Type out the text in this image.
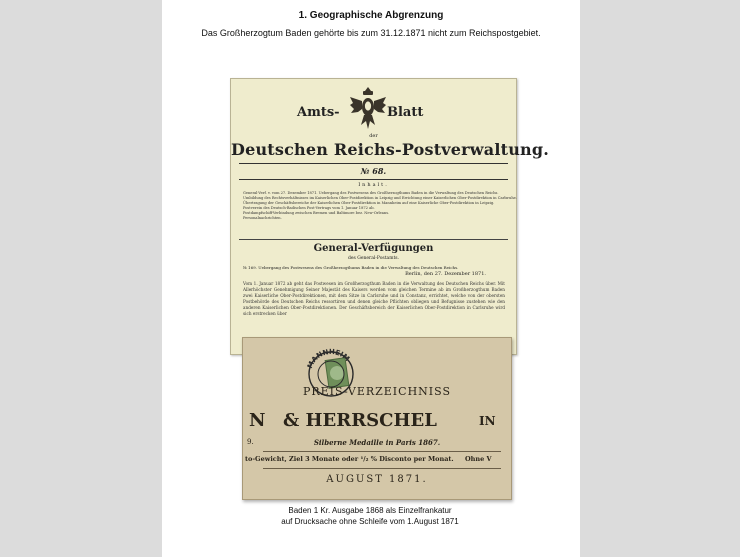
1. Geographische Abgrenzung
Das Großherzogtum Baden gehörte bis zum 31.12.1871 nicht zum Reichspostgebiet.
Amts-	Blatt
der
Deutschen Reichs-Postverwaltung.
№ 68.
Inhalt.
General-Verf. v. vom 27. Dezember 1871. Uebergang des Postwesens des Großherzogthums Baden in die Verwaltung des Deutschen Reichs.
Umbildung des Rechtsverhältnisses im Kaiserlichen Ober-Postdirektion in Leipzig und Errichtung einer Kaiserlichen Ober-Postdirektion in Carlsruhe.
Übertragung der Geschäftsbereiche der Kaiserlichen Ober-Postdirektion in Mannheim auf eine Kaiserliche Ober-Postdirektion in Leipzig.
Postverein des Deutsch-Badischen Post-Vertrags vom 1. Januar 1872 ab.
Postdampfschiff-Verbindung zwischen Bremen und Baltimore bez. New-Orleans.
Personalnachrichten.
General-Verfügungen
des General-Postamts.
№ 169. Uebergang des Postwesens des Großherzogthums Baden in die Verwaltung des Deutschen Reichs.
Berlin, den 27. Dezember 1871.
Vom 1. Januar 1872 ab geht das Postwesen im Großherzogthum Baden in die Verwaltung des Deutschen Reichs über. Mit Allerhöchster Genehmigung Seiner Majestät des Kaisers werden vom gleichen Termine ab im Großherzogthum Baden zwei Kaiserliche Ober-Postdirektionen, mit dem Sitze in Carlsruhe und in Constanz, errichtet, welche von der obersten Postbehörde des Deutschen Reichs ressortiren und denen gleiche Pflichten obliegen und Befugnisse zustehen wie den anderen Kaiserlichen Ober-Postdirektionen. Der Geschäftsbereich der Kaiserlichen Ober-Postdirektion in Carlsruhe wird sich erstrecken über
MANNHEIM
PREIS-VERZEICHNISS
N & HERRSCHEL	IN
9.	Silberne Medaille in Paris 1867.
to-Gewicht, Ziel 3 Monate oder ¹/₂ % Disconto per Monat. Ohne V
AUGUST 1871.
Baden 1 Kr. Ausgabe 1868 als Einzelfrankatur
auf Drucksache ohne Schleife vom 1.August 1871
